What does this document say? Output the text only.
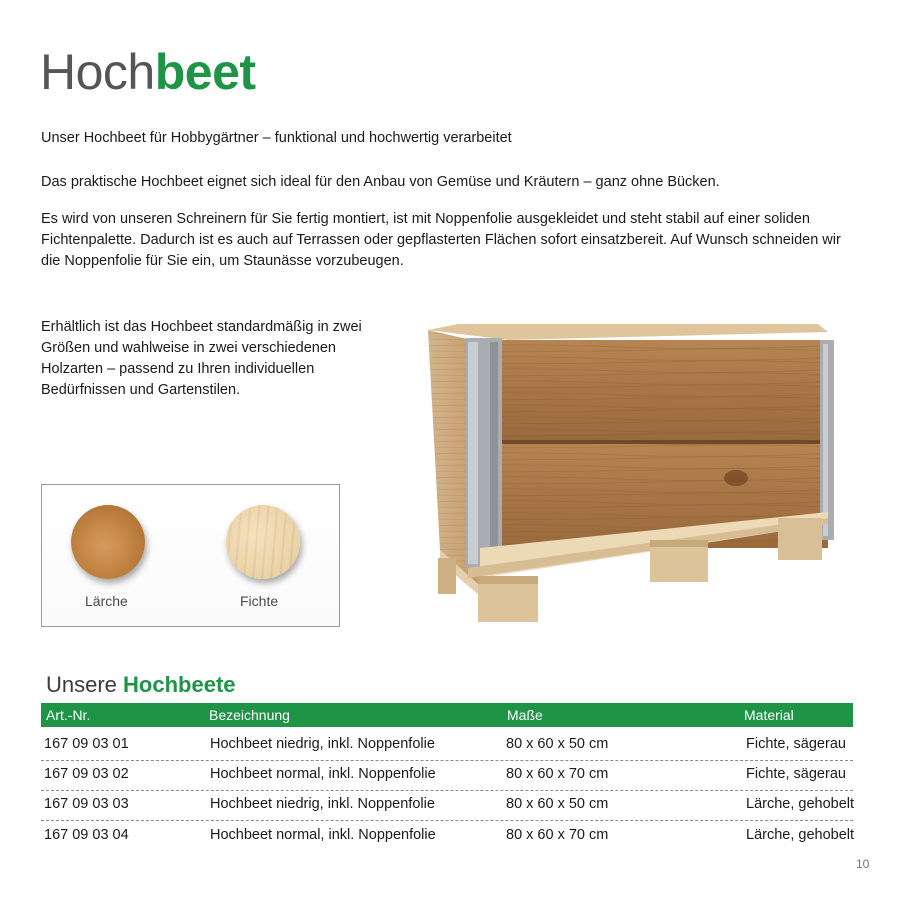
Hochbeet

Unser Hochbeet für Hobbygärtner – funktional und hochwertig verarbeitet

Das praktische Hochbeet eignet sich ideal für den Anbau von Gemüse und Kräutern – ganz ohne Bücken.

Es wird von unseren Schreinern für Sie fertig montiert, ist mit Noppenfolie ausgekleidet und steht stabil auf einer soliden Fichtenpalette. Dadurch ist es auch auf Terrassen oder gepflasterten Flächen sofort einsatzbereit. Auf Wunsch schneiden wir die Noppenfolie für Sie ein, um Staunässe vorzubeugen.

Erhältlich ist das Hochbeet standardmäßig in zwei Größen und wahlweise in zwei verschiedenen Holzarten – passend zu Ihren individuellen Bedürfnissen und Gartenstilen.

Lärche	Fichte
Unsere Hochbeete
Art.-Nr.	Bezeichnung	Maße	Material
167 09 03 01	Hochbeet niedrig, inkl. Noppenfolie	80 x 60 x 50 cm	Fichte, sägerau
167 09 03 02	Hochbeet normal, inkl. Noppenfolie	80 x 60 x 70 cm	Fichte, sägerau
167 09 03 03	Hochbeet niedrig, inkl. Noppenfolie	80 x 60 x 50 cm	Lärche, gehobelt
167 09 03 04	Hochbeet normal, inkl. Noppenfolie	80 x 60 x 70 cm	Lärche, gehobelt
10
